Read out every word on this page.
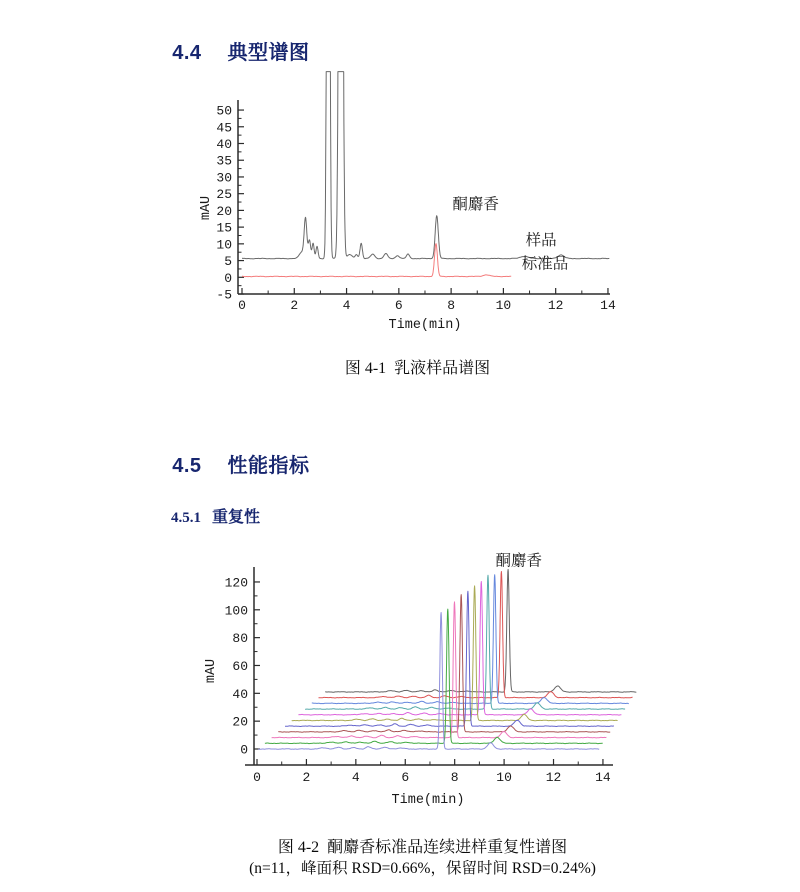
4.4 典型谱图

0	2	4	6	8	10	12	14
-5
0
5
10
15
20
25
30
35
40
45
50
Time(min)
mAU	酮麝香
样品
标准品

图 4-1  乳液样品谱图

4.5 性能指标

4.5.1 重复性

0	2	4	6	8	10	12	14
0
20
40
60
80
100
120
Time(min)
mAU
酮麝香

图 4-2  酮麝香标准品连续进样重复性谱图

(n=11，峰面积 RSD=0.66%，保留时间 RSD=0.24%)
